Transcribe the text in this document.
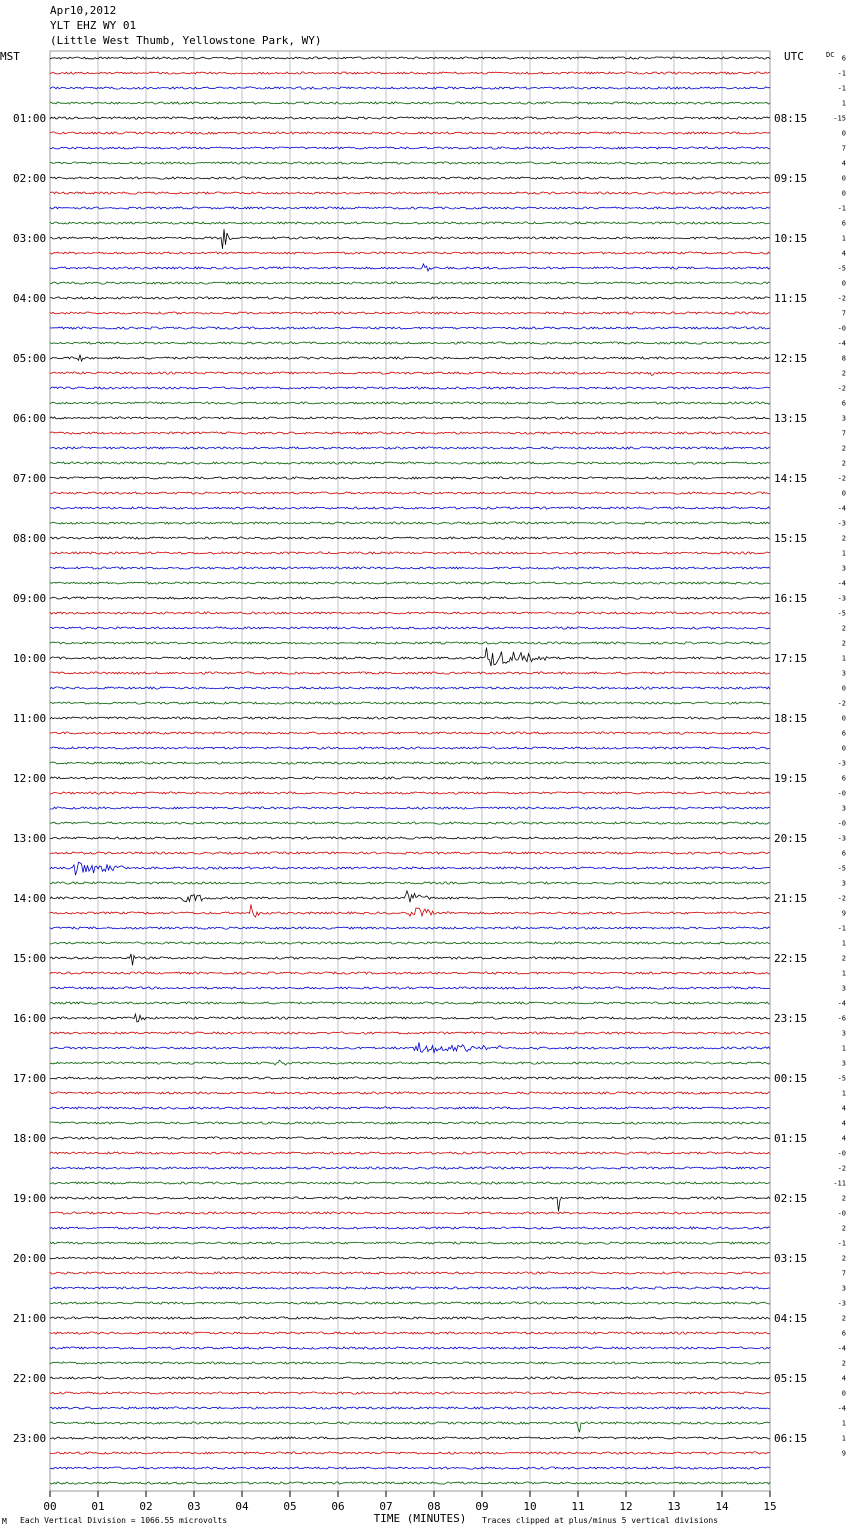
Apr10,2012
YLT EHZ WY 01
(Little West Thumb, Yellowstone Park, WY)
MST	UTC	DC
TIME (MINUTES)
00	01	02	03	04	05	06	07	08	09	10	11	12	13	14	15
6
-1
-1
1
-15
01:00	08:15
0
7
4
0
02:00	09:15
0
-1
6
1
03:00	10:15
4
-5
0
-2
04:00	11:15
7
-0
-4
8
05:00	12:15
2
-2
6
3
06:00	13:15
7
2
2
-2
07:00	14:15
0
-4
-3
2
08:00	15:15
1
3
-4
-3
09:00	16:15
-5
2
2
1
10:00	17:15
3
0
-2
0
11:00	18:15
6
0
-3
6
12:00	19:15
-0
3
-0
-3
13:00	20:15
6
-5
3
-2
14:00	21:15
9
-1
1
2
15:00	22:15
1
3
-4
-6
16:00	23:15
3
1
3
-5
17:00	00:15
1
4
4
4
18:00	01:15
-0
-2
-11
2
19:00	02:15
-0
2
-1
2
20:00	03:15
7
3
-3
2
21:00	04:15
6
-4
2
4
22:00	05:15
0
-4
1
1
23:00	06:15
9
M Each Vertical Division = 1066.55 microvolts	Traces clipped at plus/minus 5 vertical divisions
